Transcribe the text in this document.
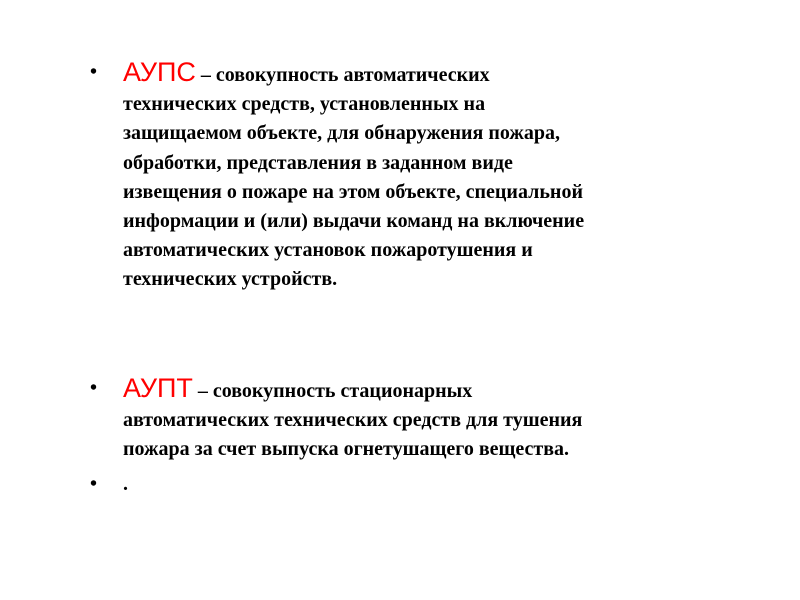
• АУПС – совокупность автоматических
технических средств, установленных на
защищаемом объекте, для обнаружения пожара,
обработки, представления в заданном виде
извещения о пожаре на этом объекте, специальной
информации и (или) выдачи команд на включение
автоматических установок пожаротушения и
технических устройств.
• АУПТ – совокупность стационарных
автоматических технических средств для тушения
пожара за счет выпуска огнетушащего вещества.
• .
